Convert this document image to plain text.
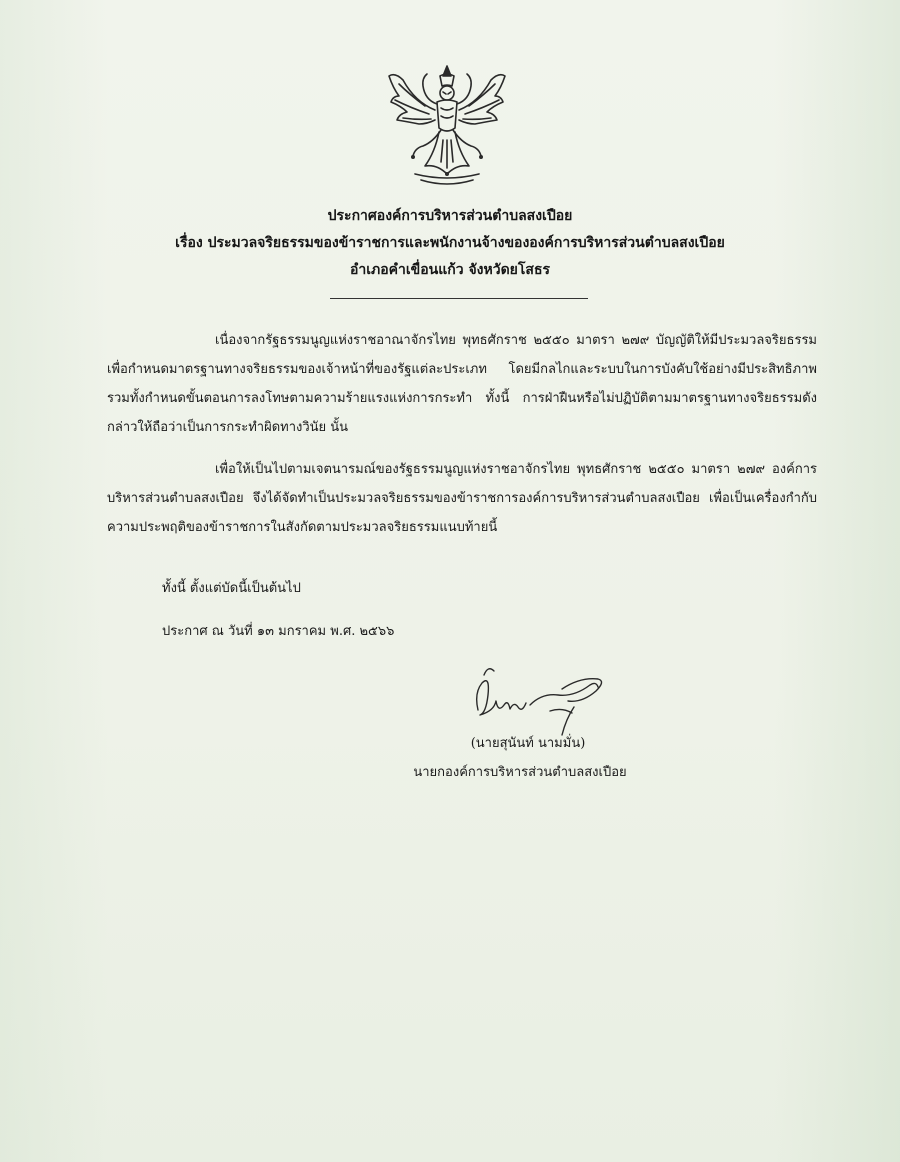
ประกาศองค์การบริหารส่วนตำบลสงเปือย
เรื่อง ประมวลจริยธรรมของข้าราชการและพนักงานจ้างขององค์การบริหารส่วนตำบลสงเปือย
อำเภอคำเขื่อนแก้ว จังหวัดยโสธร
เนื่องจากรัฐธรรมนูญแห่งราชอาณาจักรไทย พุทธศักราช ๒๕๕๐ มาตรา ๒๗๙ บัญญัติให้มีประมวลจริยธรรมเพื่อกำหนดมาตรฐานทางจริยธรรมของเจ้าหน้าที่ของรัฐแต่ละประเภท โดยมีกลไกและระบบในการบังคับใช้อย่างมีประสิทธิภาพ รวมทั้งกำหนดขั้นตอนการลงโทษตามความร้ายแรงแห่งการกระทำ ทั้งนี้ การฝ่าฝืนหรือไม่ปฏิบัติตามมาตรฐานทางจริยธรรมดังกล่าวให้ถือว่าเป็นการกระทำผิดทางวินัย นั้น
เพื่อให้เป็นไปตามเจตนารมณ์ของรัฐธรรมนูญแห่งราชอาจักรไทย พุทธศักราช ๒๕๕๐ มาตรา ๒๗๙ องค์การบริหารส่วนตำบลสงเปือย จึงได้จัดทำเป็นประมวลจริยธรรมของข้าราชการองค์การบริหารส่วนตำบลสงเปือย เพื่อเป็นเครื่องกำกับความประพฤติของข้าราชการในสังกัดตามประมวลจริยธรรมแนบท้ายนี้
ทั้งนี้ ตั้งแต่บัดนี้เป็นต้นไป
ประกาศ ณ วันที่ ๑๓ มกราคม พ.ศ. ๒๕๖๖
(นายสุนันท์ นามมั่น)
นายกองค์การบริหารส่วนตำบลสงเปือย
